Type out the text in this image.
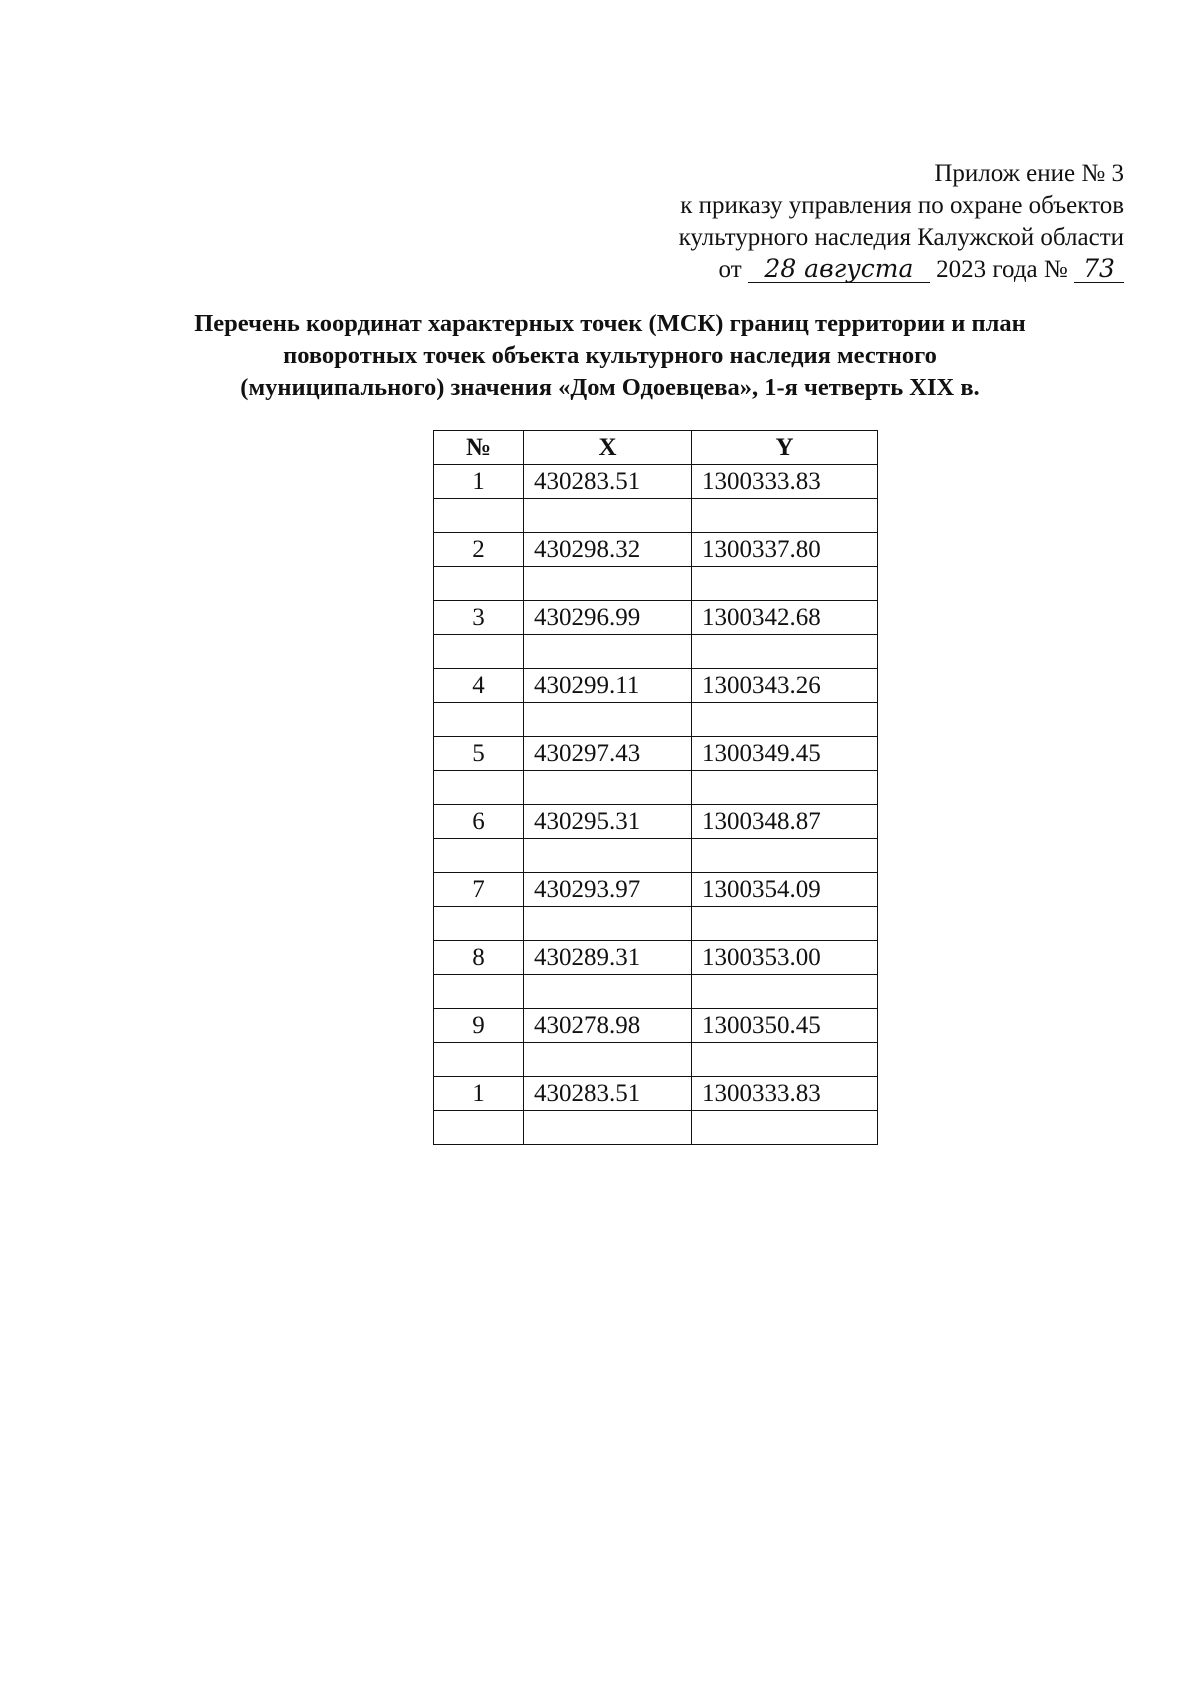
Прилож ение № 3
к приказу управления по охране объектов
культурного наследия Калужской области
от 28 августа 2023 года № 73
Перечень координат характерных точек (МСК) границ территории и план
поворотных точек объекта культурного наследия местного
(муниципального) значения «Дом Одоевцева», 1-я четверть XIX в.
№	X	Y
1	430283.51	1300333.83

2	430298.32	1300337.80

3	430296.99	1300342.68

4	430299.11	1300343.26

5	430297.43	1300349.45

6	430295.31	1300348.87

7	430293.97	1300354.09

8	430289.31	1300353.00

9	430278.98	1300350.45

1	430283.51	1300333.83
